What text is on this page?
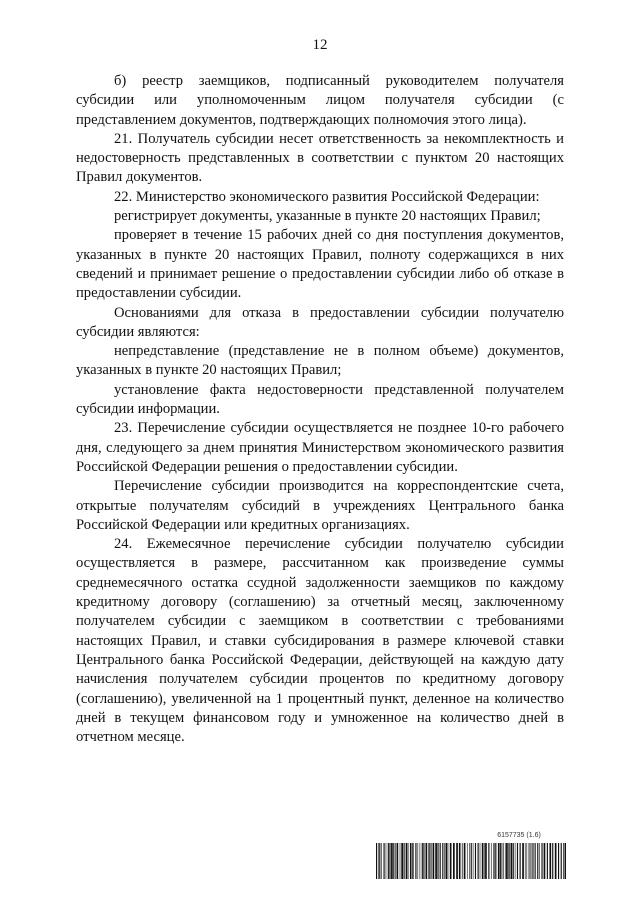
12

б) реестр заемщиков, подписанный руководителем получателя субсидии или уполномоченным лицом получателя субсидии (с представлением документов, подтверждающих полномочия этого лица).

21. Получатель субсидии несет ответственность за некомплектность и недостоверность представленных в соответствии с пунктом 20 настоящих Правил документов.

22. Министерство экономического развития Российской Федерации:

регистрирует документы, указанные в пункте 20 настоящих Правил;

проверяет в течение 15 рабочих дней со дня поступления документов, указанных в пункте 20 настоящих Правил, полноту содержащихся в них сведений и принимает решение о предоставлении субсидии либо об отказе в предоставлении субсидии.

Основаниями для отказа в предоставлении субсидии получателю субсидии являются:

непредставление (представление не в полном объеме) документов, указанных в пункте 20 настоящих Правил;

установление факта недостоверности представленной получателем субсидии информации.

23. Перечисление субсидии осуществляется не позднее 10-го рабочего дня, следующего за днем принятия Министерством экономического развития Российской Федерации решения о предоставлении субсидии.

Перечисление субсидии производится на корреспондентские счета, открытые получателям субсидий в учреждениях Центрального банка Российской Федерации или кредитных организациях.

24. Ежемесячное перечисление субсидии получателю субсидии осуществляется в размере, рассчитанном как произведение суммы среднемесячного остатка ссудной задолженности заемщиков по каждому кредитному договору (соглашению) за отчетный месяц, заключенному получателем субсидии с заемщиком в соответствии с требованиями настоящих Правил, и ставки субсидирования в размере ключевой ставки Центрального банка Российской Федерации, действующей на каждую дату начисления получателем субсидии процентов по кредитному договору (соглашению), увеличенной на 1 процентный пункт, деленное на количество дней в текущем финансовом году и умноженное на количество дней в отчетном месяце.

6157735 (1.6)
